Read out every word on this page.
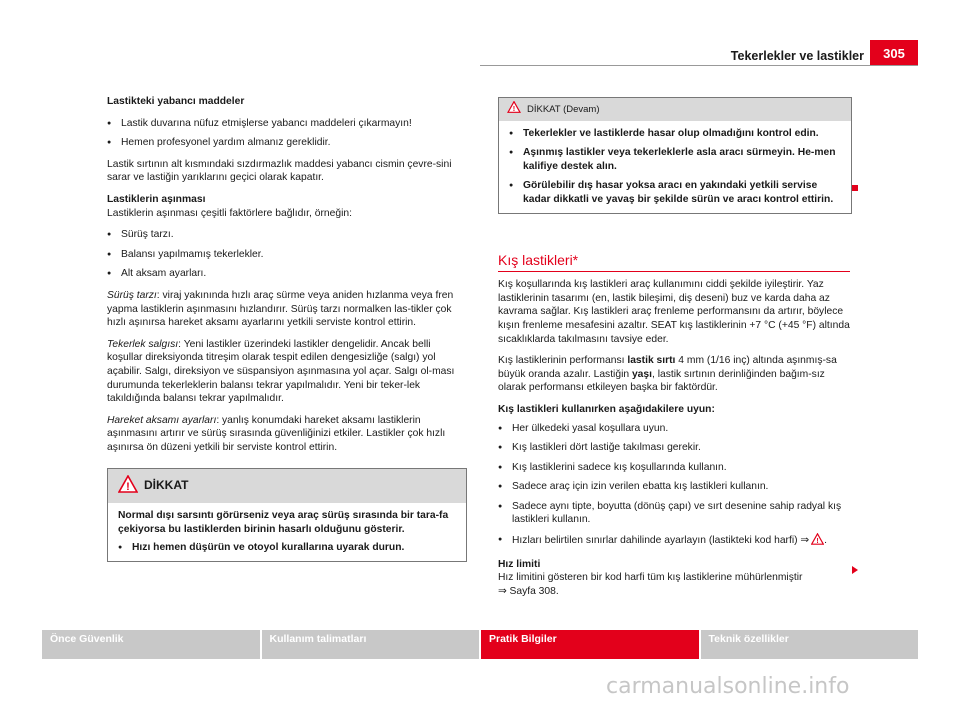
Tekerlekler ve lastikler	305

Lastikteki yabancı maddeler

● Lastik duvarına nüfuz etmişlerse yabancı maddeleri çıkarmayın!
● Hemen profesyonel yardım almanız gereklidir.

Lastik sırtının alt kısmındaki sızdırmazlık maddesi yabancı cismin çevre-sini sarar ve lastiğin yarıklarını geçici olarak kapatır.

Lastiklerin aşınması

Lastiklerin aşınması çeşitli faktörlere bağlıdır, örneğin:

● Sürüş tarzı.
● Balansı yapılmamış tekerlekler.
● Alt aksam ayarları.

Sürüş tarzı: viraj yakınında hızlı araç sürme veya aniden hızlanma veya fren yapma lastiklerin aşınmasını hızlandırır. Sürüş tarzı normalken las-tikler çok hızlı aşınırsa hareket aksamı ayarlarını yetkili serviste kontrol ettirin.

Tekerlek salgısı: Yeni lastikler üzerindeki lastikler dengelidir. Ancak belli koşullar direksiyonda titreşim olarak tespit edilen dengesizliğe (salgı) yol açabilir. Salgı, direksiyon ve süspansiyon aşınmasına yol açar. Salgı ol-ması durumunda tekerleklerin balansı tekrar yapılmalıdır. Yeni bir teker-lek takıldığında balansı tekrar yapılmalıdır.

Hareket aksamı ayarları: yanlış konumdaki hareket aksamı lastiklerin aşınmasını artırır ve sürüş sırasında güvenliğinizi etkiler. Lastikler çok hızlı aşınırsa ön düzeni yetkili bir serviste kontrol ettirin.

! DİKKAT

Normal dışı sarsıntı görürseniz veya araç sürüş sırasında bir tara-fa çekiyorsa bu lastiklerden birinin hasarlı olduğunu gösterir.

● Hızı hemen düşürün ve otoyol kurallarına uyarak durun.
! DİKKAT (Devam)
● Tekerlekler ve lastiklerde hasar olup olmadığını kontrol edin.
● Aşınmış lastikler veya tekerleklerle asla aracı sürmeyin. He-men kalifiye destek alın.
● Görülebilir dış hasar yoksa aracı en yakındaki yetkili servise kadar dikkatli ve yavaş bir şekilde sürün ve aracı kontrol ettirin.
Kış lastikleri*

Kış koşullarında kış lastikleri araç kullanımını ciddi şekilde iyileştirir. Yaz lastiklerinin tasarımı (en, lastik bileşimi, diş deseni) buz ve karda daha az kavrama sağlar. Kış lastikleri araç frenleme performansını da artırır, böylece kışın frenleme mesafesini azaltır. SEAT kış lastiklerinin +7 °C (+45 °F) altında sıcaklıklarda takılmasını tavsiye eder.

Kış lastiklerinin performansı lastik sırtı 4 mm (1/16 inç) altında aşınmış-sa büyük oranda azalır. Lastiğin yaşı, lastik sırtının derinliğinden bağım-sız olarak performansı etkileyen başka bir faktördür.

Kış lastikleri kullanırken aşağıdakilere uyun:

● Her ülkedeki yasal koşullara uyun.
● Kış lastikleri dört lastiğe takılması gerekir.
● Kış lastiklerini sadece kış koşullarında kullanın.
● Sadece araç için izin verilen ebatta kış lastikleri kullanın.
● Sadece aynı tipte, boyutta (dönüş çapı) ve sırt desenine sahip radyal kış lastikleri kullanın.
● Hızları belirtilen sınırlar dahilinde ayarlayın (lastikteki kod harfi) ⇒ ! .

Hız limiti

Hız limitini gösteren bir kod harfi tüm kış lastiklerine mühürlenmiştir

⇒ Sayfa 308.

Önce Güvenlik	Kullanım talimatları	Pratik Bilgiler	Teknik özellikler
carmanualsonline.info
